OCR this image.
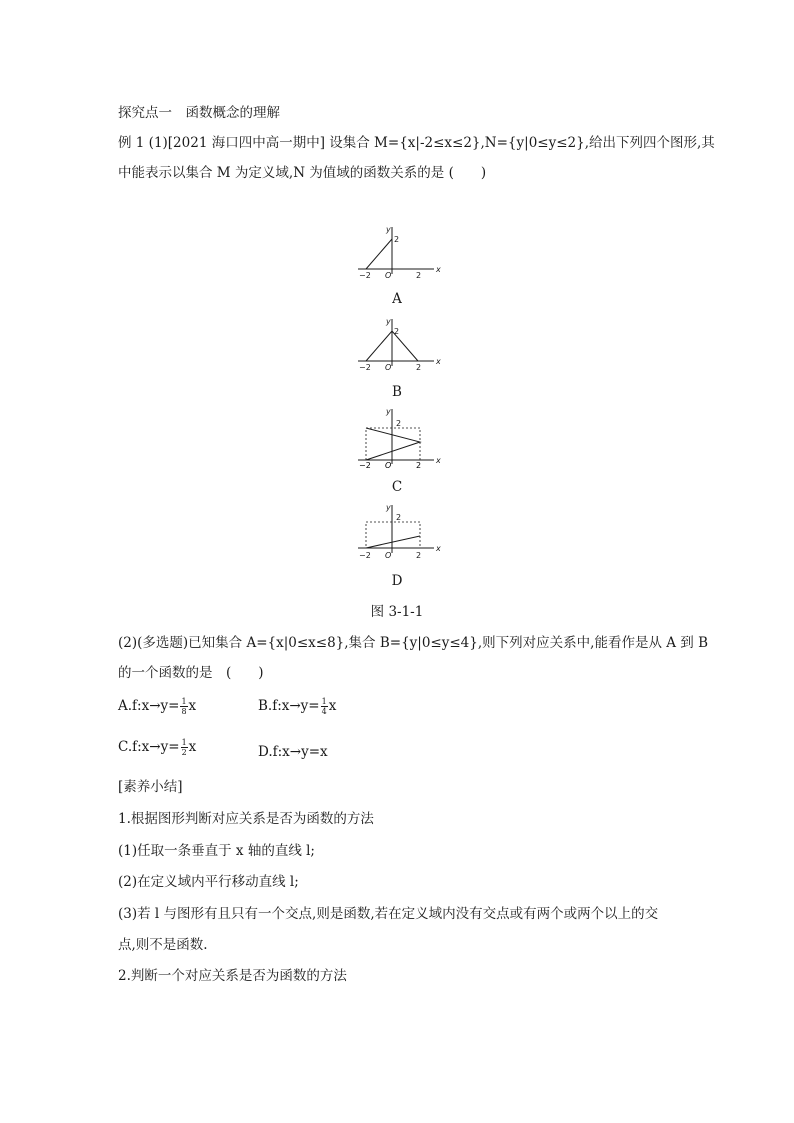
探究点一　函数概念的理解
例 1 (1)[2021 海口四中高一期中] 设集合 M={x|-2≤x≤2},N={y|0≤y≤2},给出下列四个图形,其
中能表示以集合 M 为定义域,N 为值域的函数关系的是 (　　)
y
2
x
−2 O	2
A
y
2
x
−2 O	2
B
y
2
x
−2 O	2
C
y
2
x
−2 O	2
D
图 3-1-1
(2)(多选题)已知集合 A={x|0≤x≤8},集合 B={y|0≤y≤4},则下列对应关系中,能看作是从 A 到 B
的一个函数的是　(　　)
A.f:x→y= $\frac{1}{8}$ x	B.f:x→y= $\frac{1}{4}$ x
C.f:x→y= $\frac{1}{2}$ x	D.f:x→y=x
[素养小结]
1.根据图形判断对应关系是否为函数的方法
(1)任取一条垂直于 x 轴的直线 l;
(2)在定义域内平行移动直线 l;
(3)若 l 与图形有且只有一个交点,则是函数,若在定义域内没有交点或有两个或两个以上的交
点,则不是函数.
2.判断一个对应关系是否为函数的方法
